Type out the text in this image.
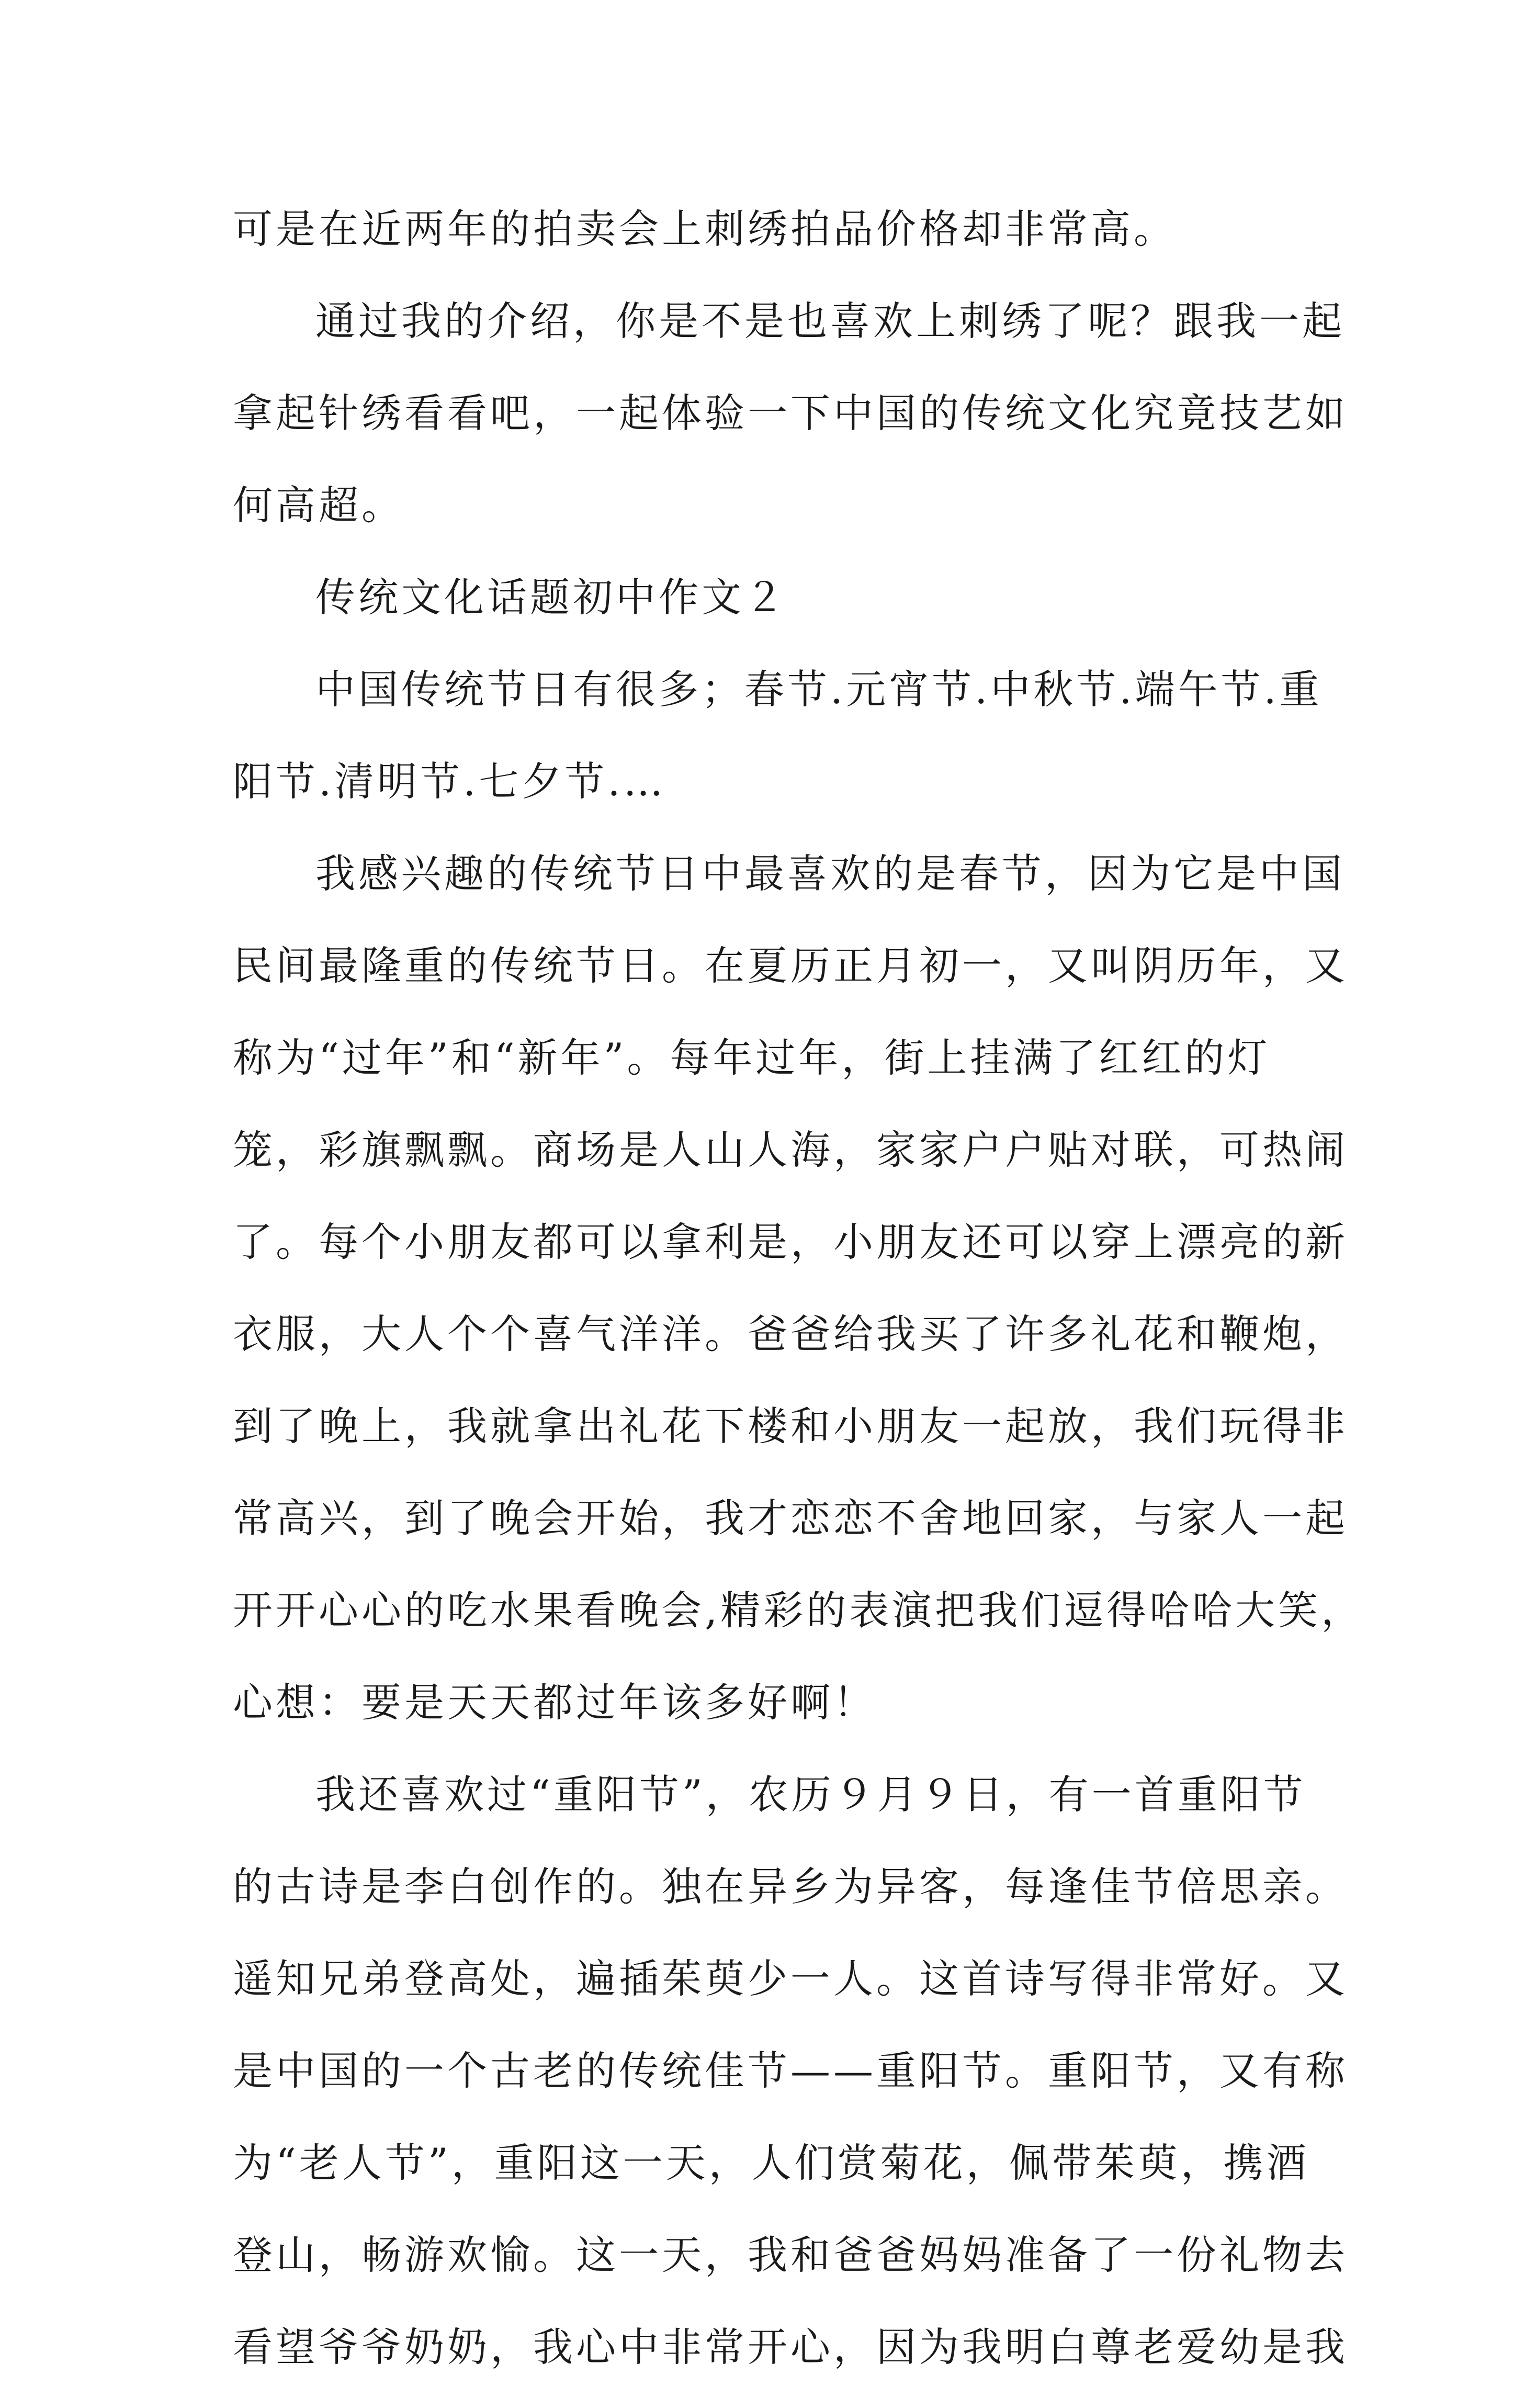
可是在近两年的拍卖会上刺绣拍品价格却非常高。
通过我的介绍，你是不是也喜欢上刺绣了呢？跟我一起
拿起针绣看看吧，一起体验一下中国的传统文化究竟技艺如
何高超。
传统文化话题初中作文２
中国传统节日有很多；春节.元宵节.中秋节.端午节.重
阳节.清明节.七夕节.…
我感兴趣的传统节日中最喜欢的是春节，因为它是中国
民间最隆重的传统节日。在夏历正月初一，又叫阴历年，又
称为“过年”和“新年”。每年过年，街上挂满了红红的灯
笼，彩旗飘飘。商场是人山人海，家家户户贴对联，可热闹
了。每个小朋友都可以拿利是，小朋友还可以穿上漂亮的新
衣服，大人个个喜气洋洋。爸爸给我买了许多礼花和鞭炮，
到了晚上，我就拿出礼花下楼和小朋友一起放，我们玩得非
常高兴，到了晚会开始，我才恋恋不舍地回家，与家人一起
开开心心的吃水果看晚会,精彩的表演把我们逗得哈哈大笑，
心想：要是天天都过年该多好啊！
我还喜欢过“重阳节”，农历９月９日，有一首重阳节
的古诗是李白创作的。独在异乡为异客，每逢佳节倍思亲。
遥知兄弟登高处，遍插茱萸少一人。这首诗写得非常好。又
是中国的一个古老的传统佳节——重阳节。重阳节，又有称
为“老人节”，重阳这一天，人们赏菊花，佩带茱萸，携酒
登山，畅游欢愉。这一天，我和爸爸妈妈准备了一份礼物去
看望爷爷奶奶，我心中非常开心，因为我明白尊老爱幼是我
